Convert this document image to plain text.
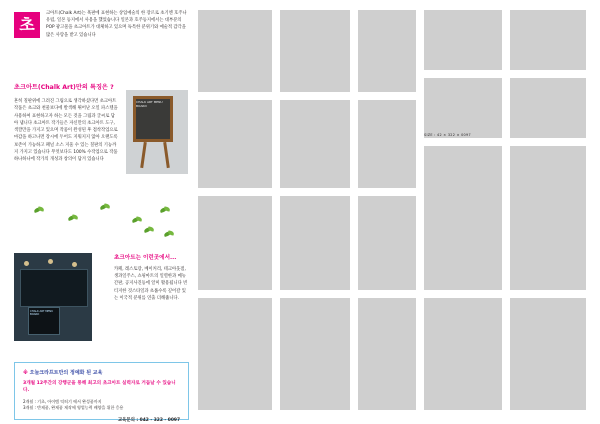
초
크아트(Chalk Art)는 흑판에 표현하는 상업예술의 한 장르로 초기엔 호주나 유럽, 일본 등지에서 사용을 했었습니다 일본과 호주등지에서는 대부분의 POP 광고물을 초크아트가 대체하고 있으며 독특한 분위기와 예술적 감각을 많은 사랑을 받고 있습니다
초크아트(Chalk Art)만의 특징은 ?
흔히 칠판위에 그려진 그림으로 생각하셨다면 초크아트 작품은 초크와 천물보다에 발색해 뛰어난 오일 파스텔을 사용하여 표현하고자 하는 모든 것을 그림과 글씨로 담아 냅니다 초크아트 작가들은 자신만의 초크아트 도구, 색깔만을 가지고 있으며 작품이 완성된 후 점착작업으로 마감을 하고나면 장시에 두어도 지워지지 않아 오랜도록 보존이 가능하고 패널 소스 지울 수 있는 칠판의 기능까지 가지고 있습니다 무엇보다도 100% 수작업으로 작품 하나하나에 작가의 개성과 창의이 담겨 있습니다
CHALK ART MENU BOARD
CHALK ART MENU BOARD
초크아트는 이런곳에서...
카페, 레스토랑, 베이커리, 테크아웃점, 생과일주스, 쇼핑마트의 일렬한과 메뉴간판, 공지사진등에 알미 활용됩니다 빈티지한 것스타일과 초룹수록 깊어갈 있는 이국적 분위를 연출 더해줍니다.
※ 오늘크라프트만의 정예화 된 교육
3개월 12주간의 강행군을 통해 최고의 초크아트 실력자로 거듭날 수 있습니다.
2개월 : 기초, 아이템 익히기 에서 완성품까지
3개월 : 반제품, 완제품 제작에 영업능력 배양을 위한 응용
교육문의 : 042 - 322 - 0097
SIZE : 42 × 322 × 0097
